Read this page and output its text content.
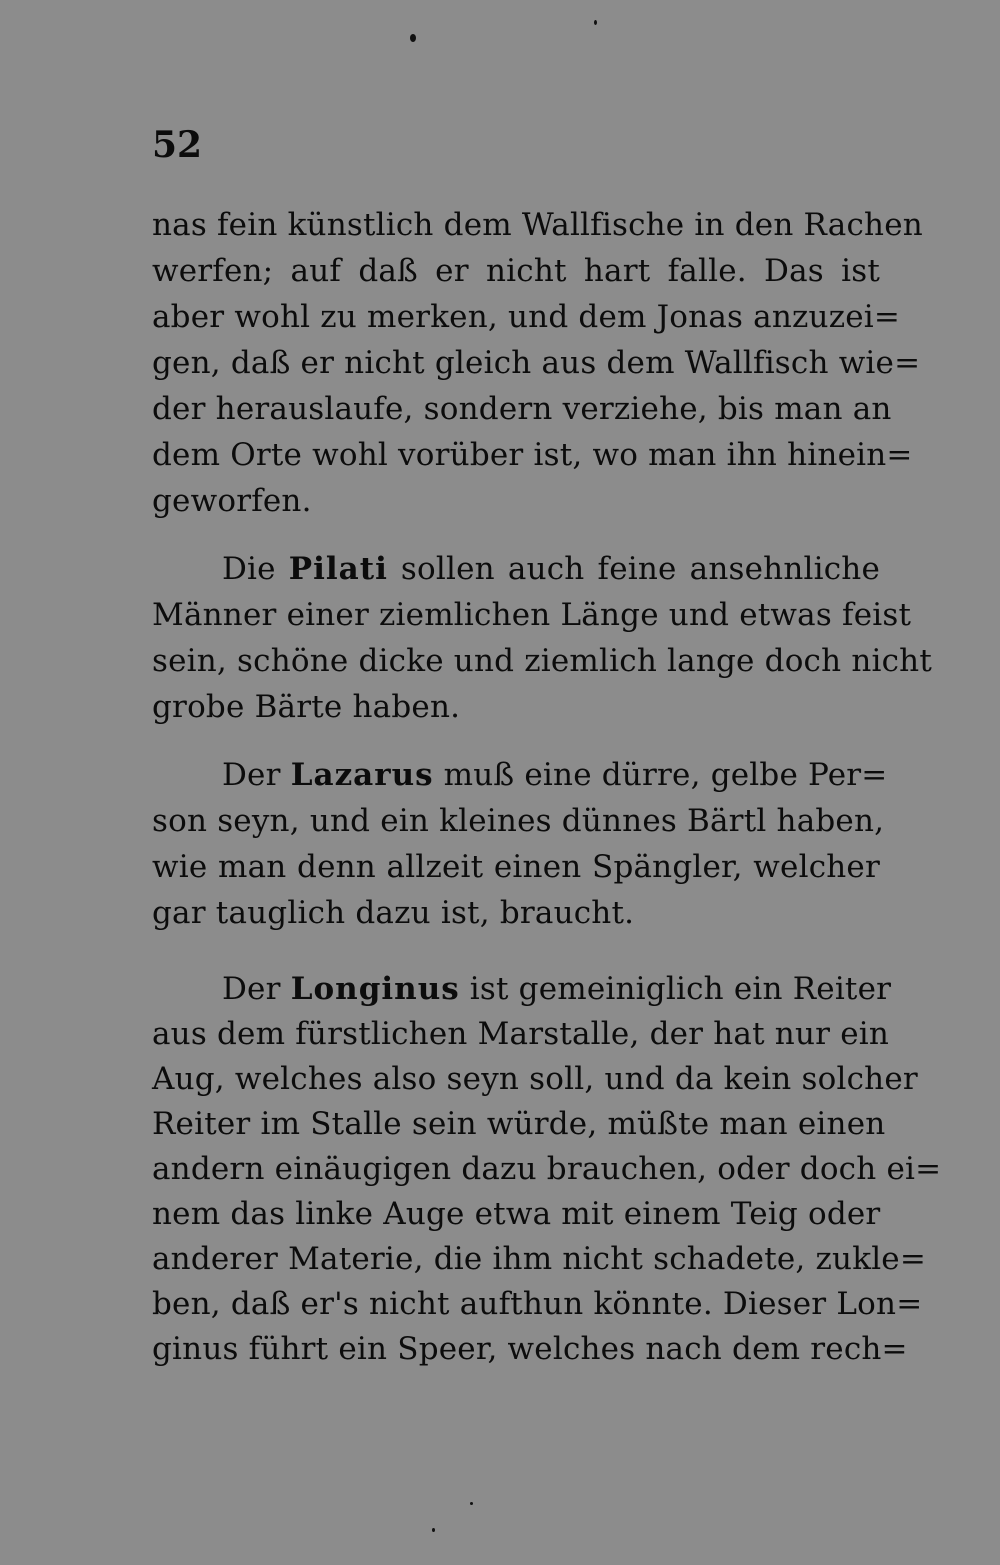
52
nas fein künstlich dem Wallfische in den Rachen
werfen; auf daß er nicht hart falle. Das ist
aber wohl zu merken, und dem Jonas anzuzei=
gen, daß er nicht gleich aus dem Wallfisch wie=
der herauslaufe, sondern verziehe, bis man an
dem Orte wohl vorüber ist, wo man ihn hinein=
geworfen.
Die Pilati sollen auch feine ansehnliche
Männer einer ziemlichen Länge und etwas feist
sein, schöne dicke und ziemlich lange doch nicht
grobe Bärte haben.
Der Lazarus muß eine dürre, gelbe Per=
son seyn, und ein kleines dünnes Bärtl haben,
wie man denn allzeit einen Spängler, welcher
gar tauglich dazu ist, braucht.
Der Longinus ist gemeiniglich ein Reiter
aus dem fürstlichen Marstalle, der hat nur ein
Aug, welches also seyn soll, und da kein solcher
Reiter im Stalle sein würde, müßte man einen
andern einäugigen dazu brauchen, oder doch ei=
nem das linke Auge etwa mit einem Teig oder
anderer Materie, die ihm nicht schadete, zukle=
ben, daß er's nicht aufthun könnte. Dieser Lon=
ginus führt ein Speer, welches nach dem rech=
